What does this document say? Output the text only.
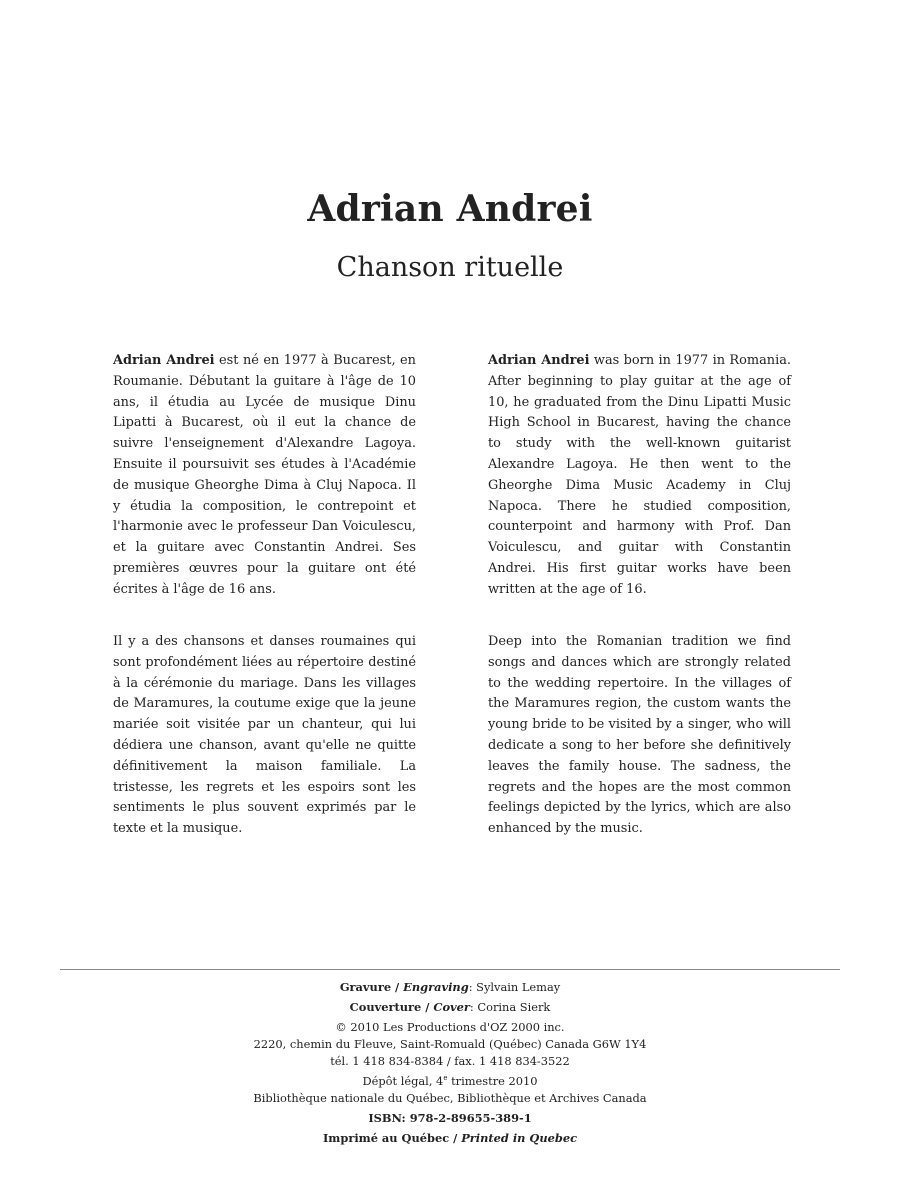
Adrian Andrei
Chanson rituelle

Adrian Andrei est né en 1977 à Bucarest, en Roumanie. Débutant la guitare à l'âge de 10 ans, il étudia au Lycée de musique Dinu Lipatti à Bucarest, où il eut la chance de suivre l'enseignement d'Alexandre Lagoya. Ensuite il poursuivit ses études à l'Académie de musique Gheorghe Dima à Cluj Napoca. Il y étudia la composition, le contrepoint et l'harmonie avec le professeur Dan Voiculescu, et la guitare avec Constantin Andrei. Ses premières œuvres pour la guitare ont été écrites à l'âge de 16 ans.

Adrian Andrei was born in 1977 in Romania. After beginning to play guitar at the age of 10, he graduated from the Dinu Lipatti Music High School in Bucarest, having the chance to study with the well-known guitarist Alexandre Lagoya. He then went to the Gheorghe Dima Music Academy in Cluj Napoca. There he studied composition, counterpoint and harmony with Prof. Dan Voiculescu, and guitar with Constantin Andrei. His first guitar works have been written at the age of 16.

Il y a des chansons et danses roumaines qui sont profondément liées au répertoire destiné à la cérémonie du mariage. Dans les villages de Maramures, la coutume exige que la jeune mariée soit visitée par un chanteur, qui lui dédiera une chanson, avant qu'elle ne quitte définitivement la maison familiale. La tristesse, les regrets et les espoirs sont les sentiments le plus souvent exprimés par le texte et la musique.

Deep into the Romanian tradition we find songs and dances which are strongly related to the wedding repertoire. In the villages of the Maramures region, the custom wants the young bride to be visited by a singer, who will dedicate a song to her before she definitively leaves the family house. The sadness, the regrets and the hopes are the most common feelings depicted by the lyrics, which are also enhanced by the music.

Gravure / Engraving: Sylvain Lemay
Couverture / Cover: Corina Sierk
© 2010 Les Productions d'OZ 2000 inc.
2220, chemin du Fleuve, Saint-Romuald (Québec) Canada G6W 1Y4
tél. 1 418 834-8384 / fax. 1 418 834-3522
Dépôt légal, 4e trimestre 2010
Bibliothèque nationale du Québec, Bibliothèque et Archives Canada
ISBN: 978-2-89655-389-1
Imprimé au Québec / Printed in Quebec
